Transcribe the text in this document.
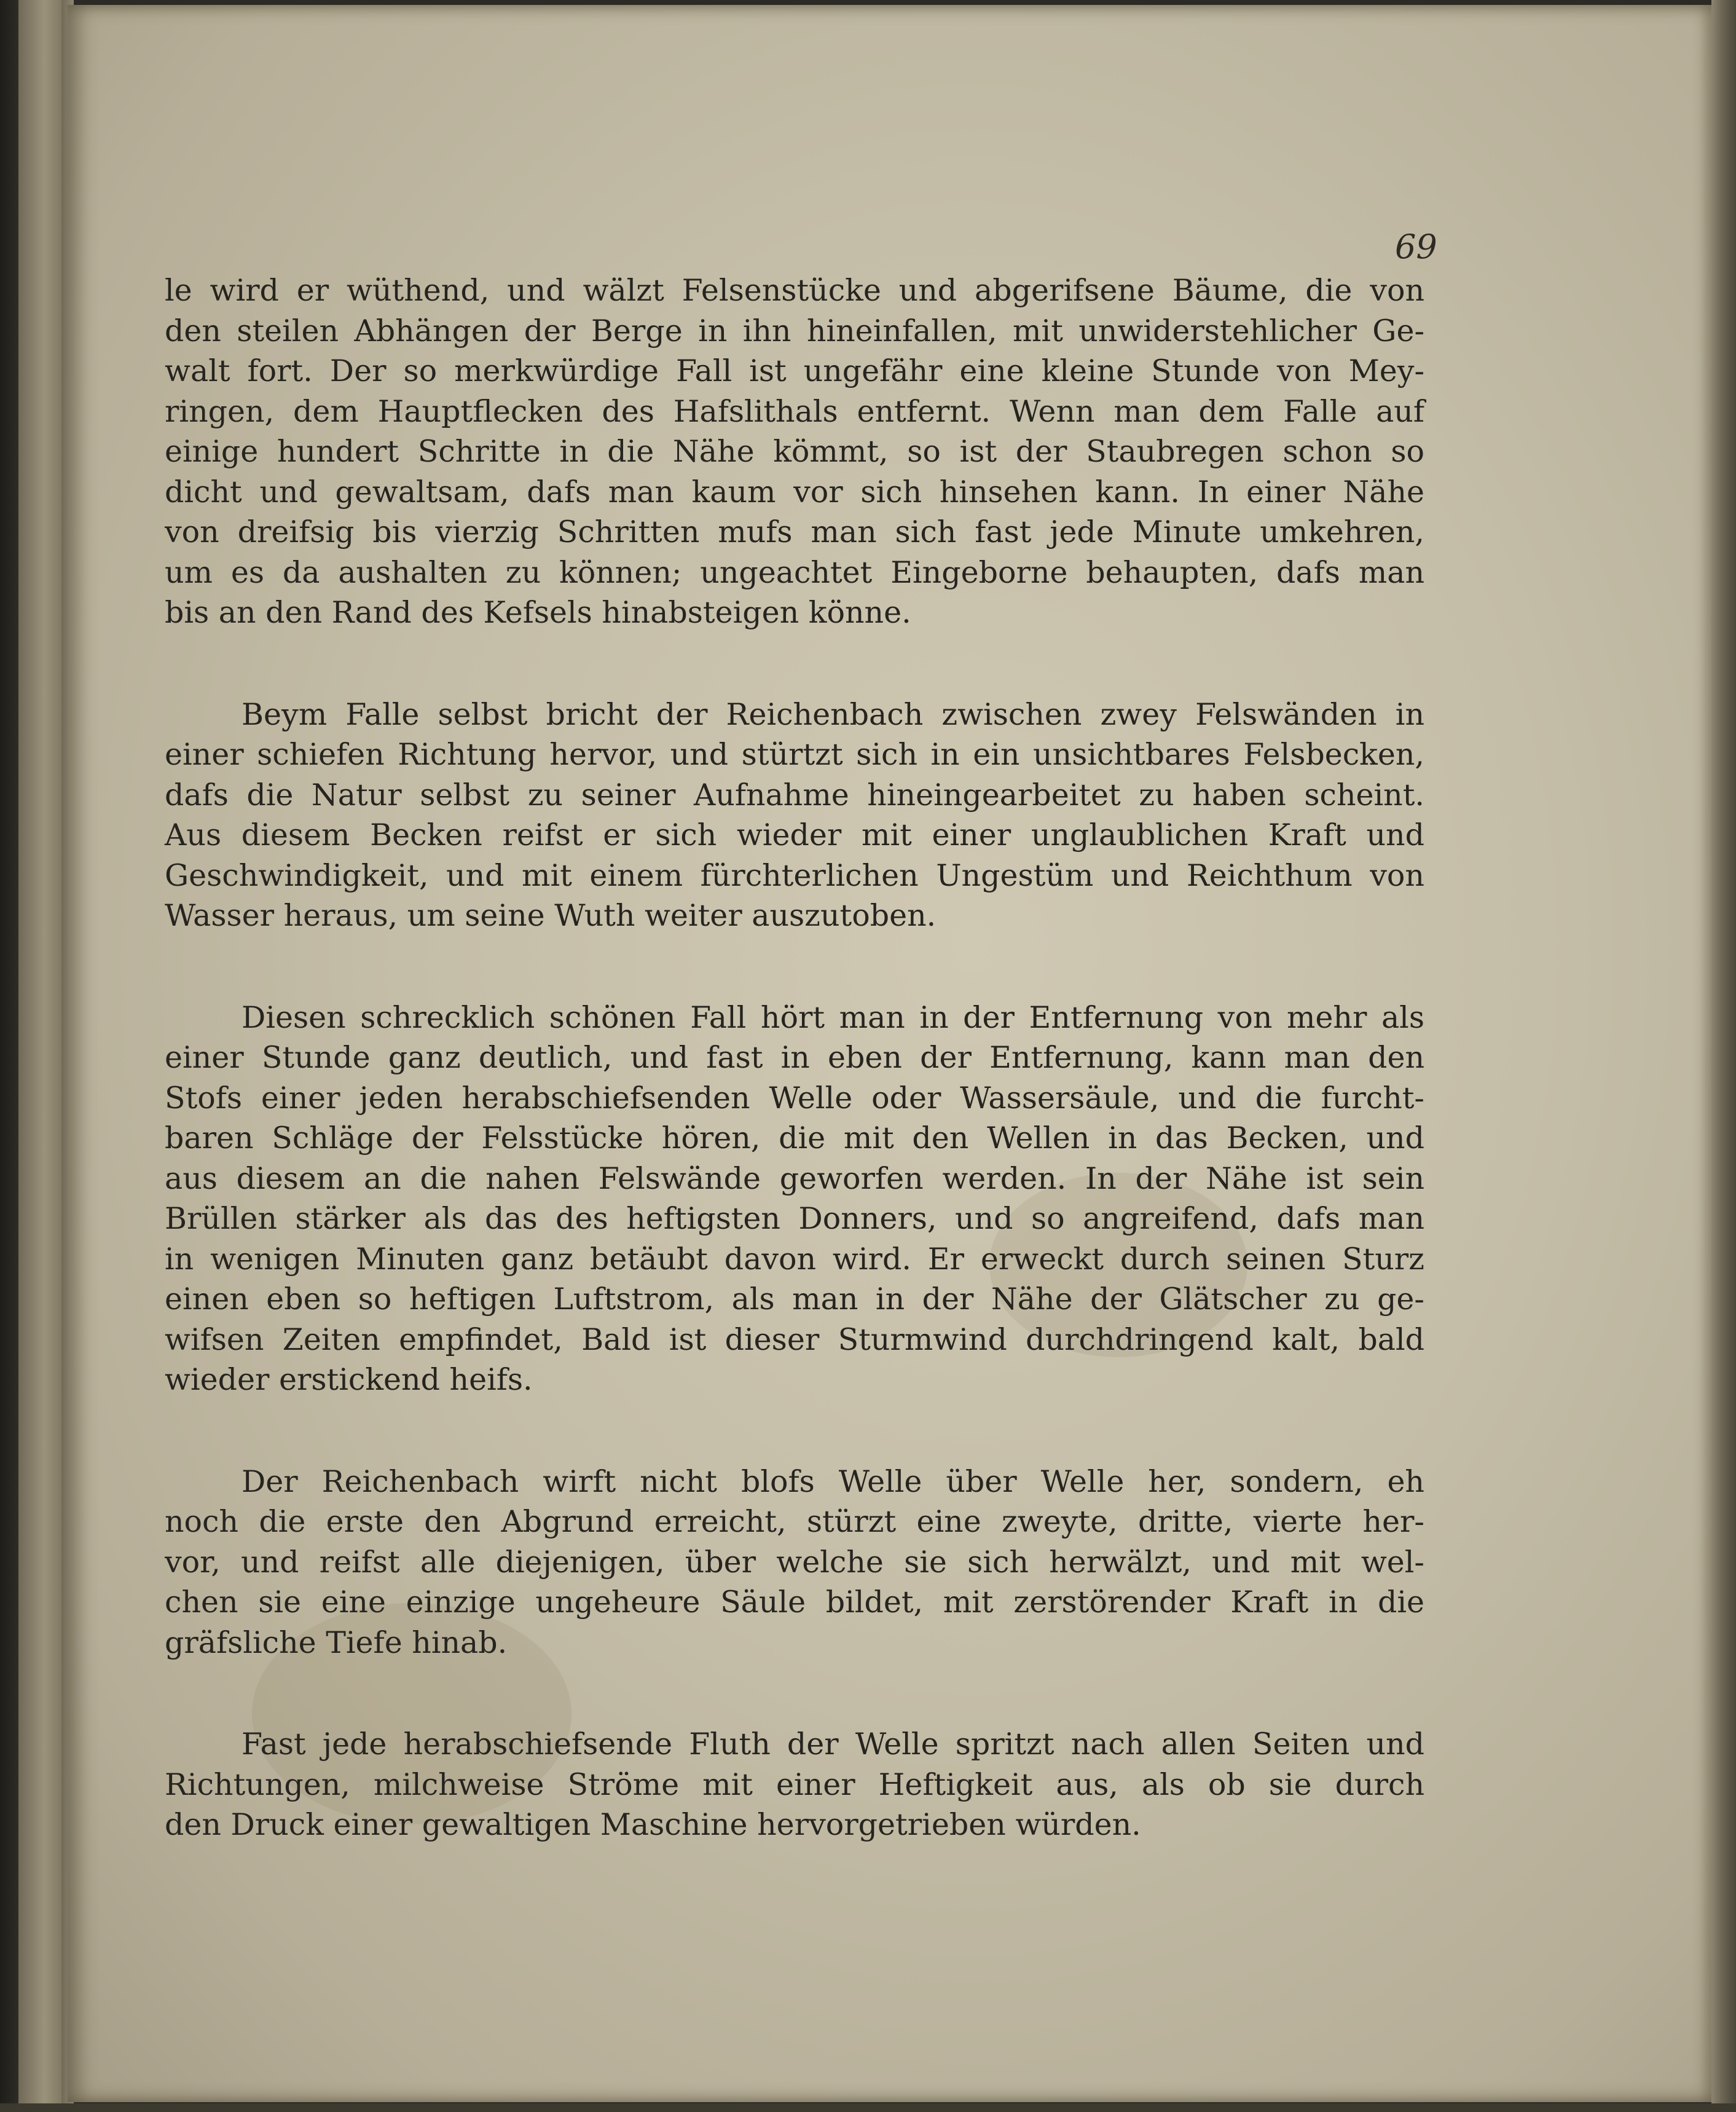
69

le wird er wüthend, und wälzt Felsenstücke und abgerifsene Bäume, die von
den steilen Abhängen der Berge in ihn hineinfallen, mit unwiderstehlicher Ge-
walt fort. Der so merkwürdige Fall ist ungefähr eine kleine Stunde von Mey-
ringen, dem Hauptflecken des Hafslithals entfernt. Wenn man dem Falle auf
einige hundert Schritte in die Nähe kömmt, so ist der Staubregen schon so
dicht und gewaltsam, dafs man kaum vor sich hinsehen kann. In einer Nähe
von dreifsig bis vierzig Schritten mufs man sich fast jede Minute umkehren,
um es da aushalten zu können; ungeachtet Eingeborne behaupten, dafs man
bis an den Rand des Kefsels hinabsteigen könne.

Beym Falle selbst bricht der Reichenbach zwischen zwey Felswänden in
einer schiefen Richtung hervor, und stürtzt sich in ein unsichtbares Felsbecken,
dafs die Natur selbst zu seiner Aufnahme hineingearbeitet zu haben scheint.
Aus diesem Becken reifst er sich wieder mit einer unglaublichen Kraft und
Geschwindigkeit, und mit einem fürchterlichen Ungestüm und Reichthum von
Wasser heraus, um seine Wuth weiter auszutoben.

Diesen schrecklich schönen Fall hört man in der Entfernung von mehr als
einer Stunde ganz deutlich, und fast in eben der Entfernung, kann man den
Stofs einer jeden herabschiefsenden Welle oder Wassersäule, und die furcht-
baren Schläge der Felsstücke hören, die mit den Wellen in das Becken, und
aus diesem an die nahen Felswände geworfen werden. In der Nähe ist sein
Brüllen stärker als das des heftigsten Donners, und so angreifend, dafs man
in wenigen Minuten ganz betäubt davon wird. Er erweckt durch seinen Sturz
einen eben so heftigen Luftstrom, als man in der Nähe der Glätscher zu ge-
wifsen Zeiten empfindet, Bald ist dieser Sturmwind durchdringend kalt, bald
wieder erstickend heifs.

Der Reichenbach wirft nicht blofs Welle über Welle her, sondern, eh
noch die erste den Abgrund erreicht, stürzt eine zweyte, dritte, vierte her-
vor, und reifst alle diejenigen, über welche sie sich herwälzt, und mit wel-
chen sie eine einzige ungeheure Säule bildet, mit zerstörender Kraft in die
gräfsliche Tiefe hinab.

Fast jede herabschiefsende Fluth der Welle spritzt nach allen Seiten und
Richtungen, milchweise Ströme mit einer Heftigkeit aus, als ob sie durch
den Druck einer gewaltigen Maschine hervorgetrieben würden.
